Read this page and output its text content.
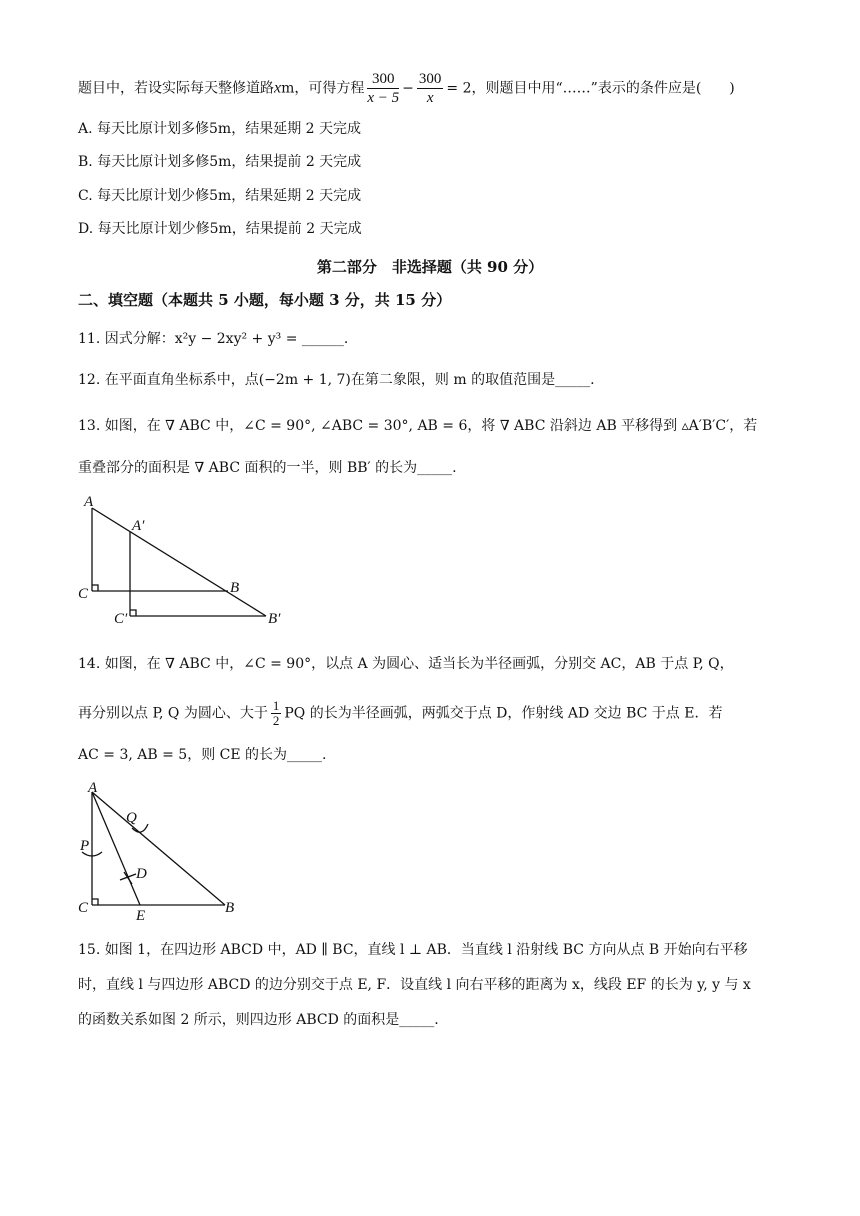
题目中，若设实际每天整修道路xm，可得方程 $\frac{300}{x - 5} - \frac{300}{x} = 2$，则题目中用“……”表示的条件应是(　　)
A. 每天比原计划多修5m，结果延期 2 天完成
B. 每天比原计划多修5m，结果提前 2 天完成
C. 每天比原计划少修5m，结果延期 2 天完成
D. 每天比原计划少修5m，结果提前 2 天完成
第二部分　非选择题（共 90 分）
二、填空题（本题共 5 小题，每小题 3 分，共 15 分）
11. 因式分解：x²y − 2xy² + y³ = ______.
12. 在平面直角坐标系中，点(−2m + 1, 7)在第二象限，则 m 的取值范围是_____.
13. 如图，在 ∇ ABC 中，∠C = 90°, ∠ABC = 30°, AB = 6，将 ∇ ABC 沿斜边 AB 平移得到 ▵A′B′C′，若
重叠部分的面积是 ∇ ABC 面积的一半，则 BB′ 的长为_____.
A
A′
C
C′
B
B′
14. 如图，在 ∇ ABC 中，∠C = 90°，以点 A 为圆心、适当长为半径画弧，分别交 AC，AB 于点 P, Q，
再分别以点 P, Q 为圆心、大于 $\frac{1}{2}$ PQ 的长为半径画弧，两弧交于点 D，作射线 AD 交边 BC 于点 E．若
AC = 3, AB = 5，则 CE 的长为_____.
A
Q
P
D
C	E	B
15. 如图 1，在四边形 ABCD 中，AD ∥ BC，直线 l ⊥ AB．当直线 l 沿射线 BC 方向从点 B 开始向右平移
时，直线 l 与四边形 ABCD 的边分别交于点 E, F．设直线 l 向右平移的距离为 x，线段 EF 的长为 y, y 与 x
的函数关系如图 2 所示，则四边形 ABCD 的面积是_____.
